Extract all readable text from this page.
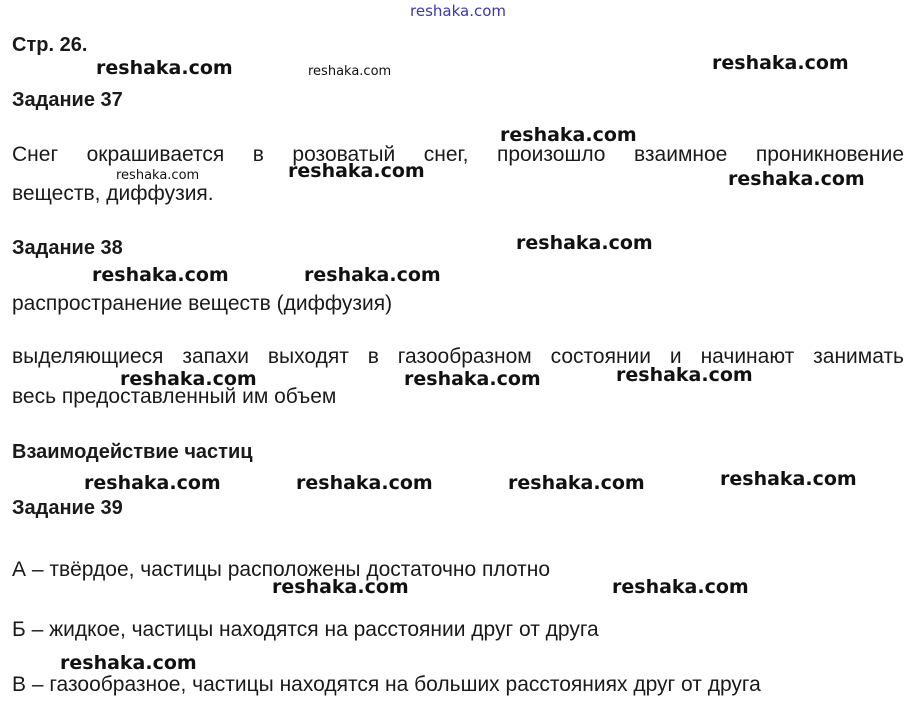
reshaka.com
reshaka.com	reshaka.com	reshaka.com
reshaka.com
reshaka.com	reshaka.com	reshaka.com
reshaka.com
reshaka.com	reshaka.com
reshaka.com
reshaka.com	reshaka.com
reshaka.com	reshaka.com	reshaka.com	reshaka.com
reshaka.com	reshaka.com
reshaka.com
Стр. 26.
Задание 37
Снег окрашивается в розоватый снег, произошло взаимное проникновение
веществ, диффузия.
Задание 38
распространение веществ (диффузия)
выделяющиеся запахи выходят в газообразном состоянии и начинают занимать
весь предоставленный им объем
Взаимодействие частиц
Задание 39
А – твёрдое, частицы расположены достаточно плотно
Б – жидкое, частицы находятся на расстоянии друг от друга
В – газообразное, частицы находятся на больших расстояниях друг от друга
